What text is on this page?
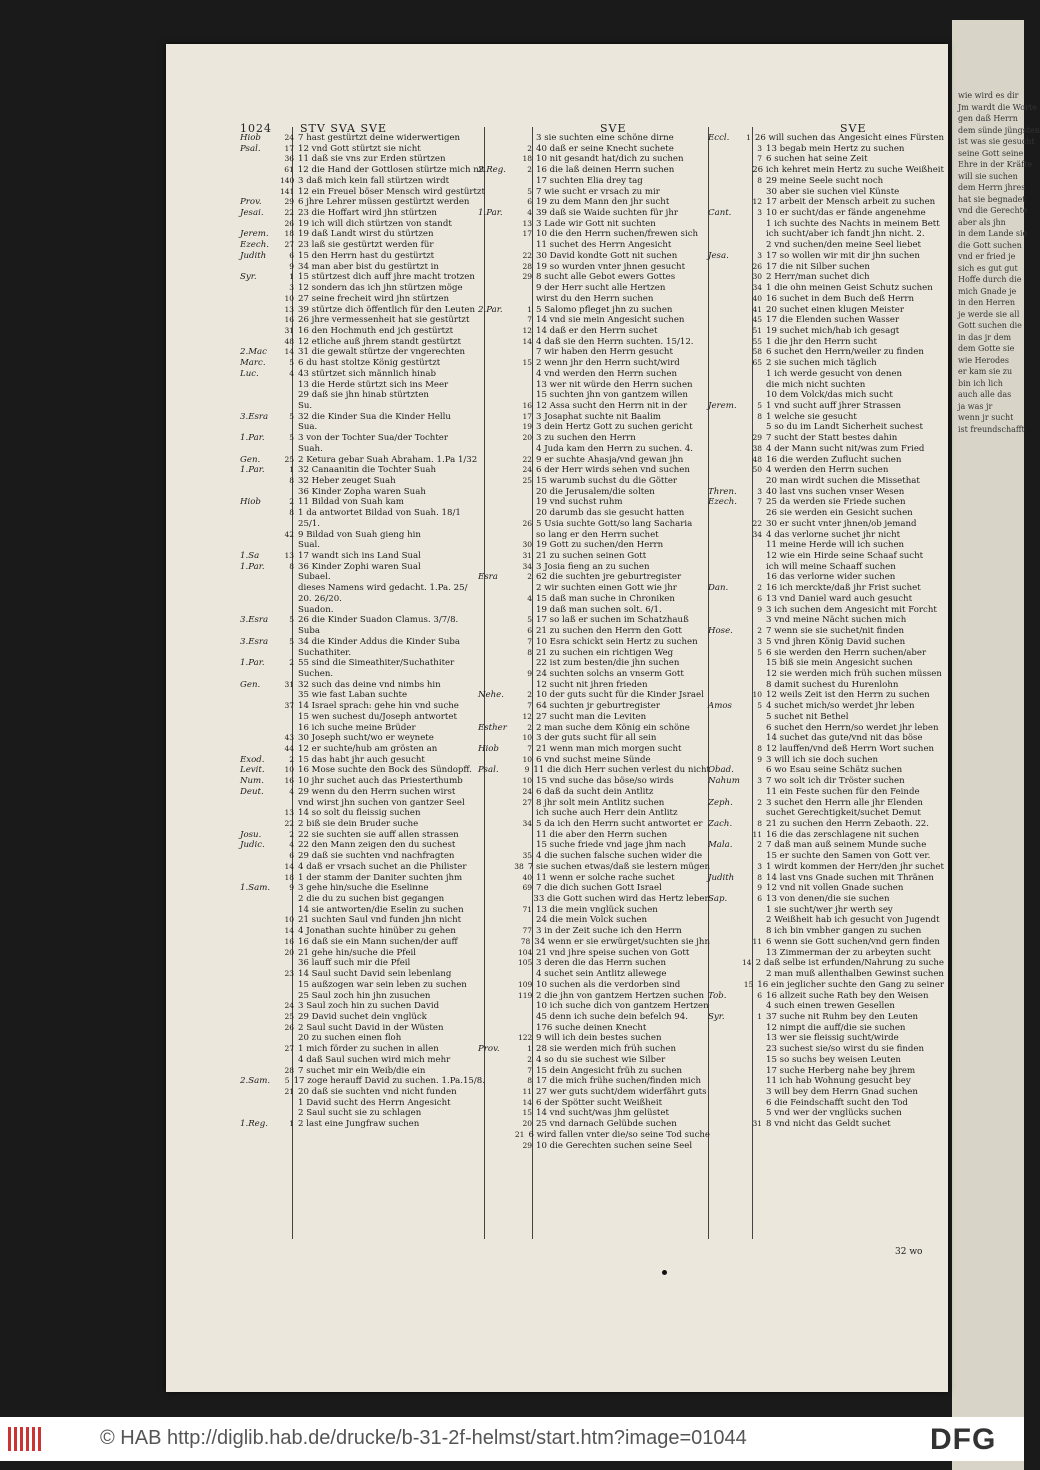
wie wird es dir
Jm wardt die Worte
gen daß Herrn
dem sünde jüngsten
ist was sie gesucht
seine Gott seine
Ehre in der Kräfte
will sie suchen
dem Herrn jhres
hat sie begnadet
vnd die Gerechte
aber als jhn
in dem Lande sie
die Gott suchen
vnd er fried je
sich es gut gut
Hoffe durch die
mich Gnade je
in den Herren
je werde sie all
Gott suchen die
in das jr dem
dem Gotte sie
wie Herodes
er kam sie zu
bin ich lich
auch alle das
ja was jr
wenn jr sucht
ist freundschafft
1024	STV SVA SVE	SVE	SVE
Hiob	24 7 hast gestürtzt deine widerwertigen
Psal.	17 12 vnd Gott stürtzt sie nicht
36 11 daß sie vns zur Erden stürtzen
61 12 die Hand der Gottlosen stürtze mich nit
140 3 daß mich kein fall stürtzen wirdt
141 12 ein Freuel böser Mensch wird gestürtzt
Prov.	29 6 jhre Lehrer müssen gestürtzt werden
Jesai.	22 23 die Hoffart wird jhn stürtzen
26 19 ich will dich stürtzen von standt
Jerem.	18 19 daß Landt wirst du stürtzen
Ezech.	27 23 laß sie gestürtzt werden für
Judith	6 15 den Herrn hast du gestürtzt
9 34 man aber bist du gestürtzt in
Syr.	1 15 stürtzest dich auff jhre macht trotzen
3 12 sondern das ich jhn stürtzen möge
10 27 seine frecheit wird jhn stürtzen
13 39 stürtze dich öffentlich für den Leuten
16 26 jhre vermessenheit hat sie gestürtzt
31 16 den Hochmuth end jch gestürtzt
48 12 etliche auß jhrem standt gestürtzt
2.Mac	14 31 die gewalt stürtze der vngerechten
Marc.	5 6 du hast stoltze König gestürtzt
Luc.	4 43 stürtzet sich männlich hinab
13 die Herde stürtzt sich ins Meer
29 daß sie jhn hinab stürtzten
Su.
3.Esra	5 32 die Kinder Sua die Kinder Hellu
Sua.
1.Par.	5 3 von der Tochter Sua/der Tochter
Suah.
Gen.	25 2 Ketura gebar Suah Abraham. 1.Pa 1/32
1.Par.	1 32 Canaanitin die Tochter Suah
8 32 Heber zeuget Suah
36 Kinder Zopha waren Suah
Hiob	2 11 Bildad von Suah kam
8 1 da antwortet Bildad von Suah. 18/1
25/1.
42 9 Bildad von Suah gieng hin
Sual.
1.Sa	13 17 wandt sich ins Land Sual
1.Par.	8 36 Kinder Zophi waren Sual
Subael.
dieses Namens wird gedacht. 1.Pa. 25/
20. 26/20.
Suadon.
3.Esra	5 26 die Kinder Suadon Clamus. 3/7/8.
Suba
3.Esra	5 34 die Kinder Addus die Kinder Suba
Suchathiter.
1.Par.	2 55 sind die Simeathiter/Suchathiter
Suchen.
Gen.	31 32 such das deine vnd nimbs hin
35 wie fast Laban suchte
37 14 Israel sprach: gehe hin vnd suche
15 wen suchest du/Joseph antwortet
16 ich suche meine Brüder
43 30 Joseph sucht/wo er weynete
44 12 er suchte/hub am grösten an
Exod.	2 15 das habt jhr auch gesucht
Levit.	10 16 Mose suchte den Bock des Sündopff.
Num.	16 10 jhr suchet auch das Priesterthumb
Deut.	4 29 wenn du den Herrn suchen wirst
vnd wirst jhn suchen von gantzer Seel
13 14 so solt du fleissig suchen
22 2 biß sie dein Bruder suche
Josu.	2 22 sie suchten sie auff allen strassen
Judic.	4 22 den Mann zeigen den du suchest
6 29 daß sie suchten vnd nachfragten
14 4 daß er vrsach suchet an die Philister
18 1 der stamm der Daniter suchten jhm
1.Sam.	9 3 gehe hin/suche die Eselinne
2 die du zu suchen bist gegangen
14 sie antworten/die Eselin zu suchen
10 21 suchten Saul vnd funden jhn nicht
14 4 Jonathan suchte hinüber zu gehen
16 16 daß sie ein Mann suchen/der auff
20 21 gehe hin/suche die Pfeil
36 lauff such mir die Pfeil
23 14 Saul sucht David sein lebenlang
15 außzogen war sein leben zu suchen
25 Saul zoch hin jhn zusuchen
24 3 Saul zoch hin zu suchen David
25 29 David suchet dein vnglück
26 2 Saul sucht David in der Wüsten
20 zu suchen einen floh
27 1 mich förder zu suchen in allen
4 daß Saul suchen wird mich mehr
28 7 suchet mir ein Weib/die ein
2.Sam.	5 17 zoge herauff David zu suchen. 1.Pa.15/8.
21 20 daß sie suchten vnd nicht funden
1 David sucht des Herrn Angesicht
2 Saul sucht sie zu schlagen
1.Reg.	1 2 last eine Jungfraw suchen
3 sie suchten eine schöne dirne
2 40 daß er seine Knecht suchete
18 10 nit gesandt hat/dich zu suchen
2.Reg.	2 16 die laß deinen Herrn suchen
17 suchten Elia drey tag
5 7 wie sucht er vrsach zu mir
6 19 zu dem Mann den jhr sucht
1.Par.	4 39 daß sie Waide suchten für jhr
13 3 Lade wir Gott nit suchten
17 10 die den Herrn suchen/frewen sich
11 suchet des Herrn Angesicht
22 30 David kondte Gott nit suchen
28 19 so wurden vnter jhnen gesucht
29 8 sucht alle Gebot ewers Gottes
9 der Herr sucht alle Hertzen
wirst du den Herrn suchen
2.Par.	1 5 Salomo pfleget jhn zu suchen
7 14 vnd sie mein Angesicht suchen
12 14 daß er den Herrn suchet
14 4 daß sie den Herrn suchten. 15/12.
7 wir haben den Herrn gesucht
15 2 wenn jhr den Herrn sucht/wird
4 vnd werden den Herrn suchen
13 wer nit würde den Herrn suchen
15 suchten jhn von gantzem willen
16 12 Assa sucht den Herrn nit in der
17 3 Josaphat suchte nit Baalim
19 3 dein Hertz Gott zu suchen gericht
20 3 zu suchen den Herrn
4 Juda kam den Herrn zu suchen. 4.
22 9 er suchte Ahasja/vnd gewan jhn
24 6 der Herr wirds sehen vnd suchen
25 15 warumb suchst du die Götter
20 die Jerusalem/die solten
19 vnd suchst ruhm
20 darumb das sie gesucht hatten
26 5 Usia suchte Gott/so lang Sacharia
so lang er den Herrn suchet
30 19 Gott zu suchen/den Herrn
31 21 zu suchen seinen Gott
34 3 Josia fieng an zu suchen
Esra	2 62 die suchten jre geburtregister
2 wir suchten einen Gott wie jhr
4 15 daß man suche in Chroniken
19 daß man suchen solt. 6/1.
5 17 so laß er suchen im Schatzhauß
6 21 zu suchen den Herrn den Gott
7 10 Esra schickt sein Hertz zu suchen
8 21 zu suchen ein richtigen Weg
22 ist zum besten/die jhn suchen
9 24 suchten solchs an vnserm Gott
12 sucht nit jhren frieden
Nehe.	2 10 der guts sucht für die Kinder Jsrael
7 64 suchten jr geburtregister
12 27 sucht man die Leviten
Esther	2 2 man suche dem König ein schöne
10 3 der guts sucht für all sein
Hiob	7 21 wenn man mich morgen sucht
10 6 vnd suchst meine Sünde
Psal.	9 11 die dich Herr suchen verlest du nicht
10 15 vnd suche das böse/so wirds
24 6 daß da sucht dein Antlitz
27 8 jhr solt mein Antlitz suchen
ich suche auch Herr dein Antlitz
34 5 da ich den Herrn sucht antwortet er
11 die aber den Herrn suchen
15 suche friede vnd jage jhm nach
35 4 die suchen falsche suchen wider die
38 7 sie suchen etwas/daß sie lestern mügen
40 11 wenn er solche rache suchet
69 7 die dich suchen Gott Israel
33 die Gott suchen wird das Hertz leben
71 13 die mein vnglück suchen
24 die mein Volck suchen
77 3 in der Zeit suche ich den Herrn
78 34 wenn er sie erwürget/suchten sie jhn
104 21 vnd jhre speise suchen von Gott
105 3 deren die das Herrn suchen
4 suchet sein Antlitz allewege
109 10 suchen als die verdorben sind
119 2 die jhn von gantzem Hertzen suchen
10 ich suche dich von gantzem Hertzen
45 denn ich suche dein befelch 94.
176 suche deinen Knecht
122 9 will ich dein bestes suchen
Prov.	1 28 sie werden mich früh suchen
2 4 so du sie suchest wie Silber
7 15 dein Angesicht früh zu suchen
8 17 die mich frühe suchen/finden mich
11 27 wer guts sucht/dem widerfährt guts
14 6 der Spötter sucht Weißheit
15 14 vnd sucht/was jhm gelüstet
20 25 vnd darnach Gelübde suchen
21 6 wird fallen vnter die/so seine Tod suche
29 10 die Gerechten suchen seine Seel
Eccl.	1 26 will suchen das Angesicht eines Fürsten
3 13 begab mein Hertz zu suchen
7 6 suchen hat seine Zeit
26 ich kehret mein Hertz zu suche Weißheit
8 29 meine Seele sucht noch
30 aber sie suchen viel Künste
12 17 arbeit der Mensch arbeit zu suchen
Cant.	3 10 er sucht/das er fände angenehme
1 ich suchte des Nachts in meinem Bett
ich sucht/aber ich fandt jhn nicht. 2.
2 vnd suchen/den meine Seel liebet
Jesa.	3 17 so wollen wir mit dir jhn suchen
26 17 die nit Silber suchen
30 2 Herr/man suchet dich
34 1 die ohn meinen Geist Schutz suchen
40 16 suchet in dem Buch deß Herrn
41 20 suchet einen klugen Meister
45 17 die Elenden suchen Wasser
51 19 suchet mich/hab ich gesagt
55 1 die jhr den Herrn sucht
58 6 suchet den Herrn/weiler zu finden
65 2 sie suchen mich täglich
1 ich werde gesucht von denen
die mich nicht suchten
10 dem Volck/das mich sucht
Jerem.	5 1 vnd sucht auff jhrer Strassen
8 1 welche sie gesucht
5 so du im Landt Sicherheit suchest
29 7 sucht der Statt bestes dahin
38 4 der Mann sucht nit/was zum Fried
48 16 die werden Zuflucht suchen
50 4 werden den Herrn suchen
20 man wirdt suchen die Missethat
Thren.	3 40 last vns suchen vnser Wesen
Ezech.	7 25 da werden sie Friede suchen
26 sie werden ein Gesicht suchen
22 30 er sucht vnter jhnen/ob jemand
34 4 das verlorne suchet jhr nicht
11 meine Herde will ich suchen
12 wie ein Hirde seine Schaaf sucht
ich will meine Schaaff suchen
16 das verlorne wider suchen
Dan.	2 16 ich merckte/daß jhr Frist suchet
6 13 vnd Daniel ward auch gesucht
9 3 ich suchen dem Angesicht mit Forcht
3 vnd meine Nächt suchen mich
Hose.	2 7 wenn sie sie suchet/nit finden
3 5 vnd jhren König David suchen
5 6 sie werden den Herrn suchen/aber
15 biß sie mein Angesicht suchen
12 sie werden mich früh suchen müssen
8 damit suchest du Hurenlohn
10 12 weils Zeit ist den Herrn zu suchen
Amos	5 4 suchet mich/so werdet jhr leben
5 suchet nit Bethel
6 suchet den Herrn/so werdet jhr leben
14 suchet das gute/vnd nit das böse
8 12 lauffen/vnd deß Herrn Wort suchen
9 3 will ich sie doch suchen
Obad.	6 wo Esau seine Schätz suchen
Nahum	3 7 wo solt ich dir Tröster suchen
11 ein Feste suchen für den Feinde
Zeph.	2 3 suchet den Herrn alle jhr Elenden
suchet Gerechtigkeit/suchet Demut
Zach.	8 21 zu suchen den Herrn Zebaoth. 22.
11 16 die das zerschlagene nit suchen
Mala.	2 7 daß man auß seinem Munde suche
15 er suchte den Samen von Gott ver.
3 1 wirdt kommen der Herr/den jhr suchet
Judith	8 14 last vns Gnade suchen mit Thränen
9 12 vnd nit vollen Gnade suchen
Sap.	6 13 von denen/die sie suchen
1 sie sucht/wer jhr werth sey
2 Weißheit hab ich gesucht von Jugendt
8 ich bin vmbher gangen zu suchen
11 6 wenn sie Gott suchen/vnd gern finden
13 Zimmerman der zu arbeyten sucht
14 2 daß selbe ist erfunden/Nahrung zu suche
2 man muß allenthalben Gewinst suchen
15 16 ein jeglicher suchte den Gang zu seiner
Tob.	6 16 allzeit suche Rath bey den Weisen
4 such einen trewen Gesellen
Syr.	1 37 suche nit Ruhm bey den Leuten
12 nimpt die auff/die sie suchen
13 wer sie fleissig sucht/wirde
23 suchest sie/so wirst du sie finden
15 so suchs bey weisen Leuten
17 suche Herberg nahe bey jhrem
11 ich hab Wohnung gesucht bey
3 will bey dem Herrn Gnad suchen
6 die Feindschafft sucht den Tod
5 vnd wer der vnglücks suchen
31 8 vnd nicht das Geldt suchet
32 wo
© HAB http://diglib.hab.de/drucke/b-31-2f-helmst/start.htm?image=01044	DFG
